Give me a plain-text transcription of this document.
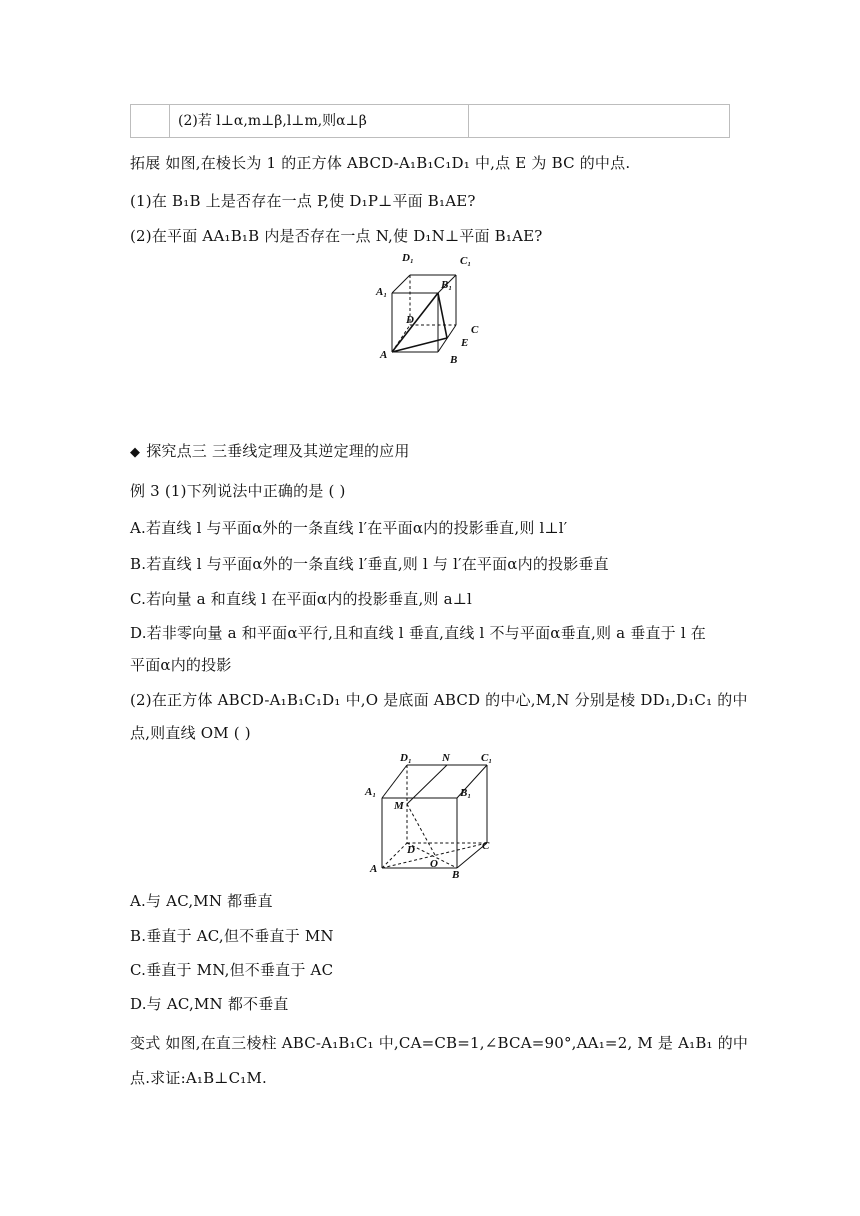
(2)若 l⊥α,m⊥β,l⊥m,则α⊥β
拓展 如图,在棱长为 1 的正方体 ABCD-A₁B₁C₁D₁ 中,点 E 为 BC 的中点.
(1)在 B₁B 上是否存在一点 P,使 D₁P⊥平面 B₁AE?
(2)在平面 AA₁B₁B 内是否存在一点 N,使 D₁N⊥平面 B₁AE?
D₁	C₁
A₁
B₁
D
C
E
A	B
◆ 探究点三 三垂线定理及其逆定理的应用
例 3 (1)下列说法中正确的是 ( )
A.若直线 l 与平面α外的一条直线 l′在平面α内的投影垂直,则 l⊥l′
B.若直线 l 与平面α外的一条直线 l′垂直,则 l 与 l′在平面α内的投影垂直
C.若向量 a 和直线 l 在平面α内的投影垂直,则 a⊥l
D.若非零向量 a 和平面α平行,且和直线 l 垂直,直线 l 不与平面α垂直,则 a 垂直于 l 在
平面α内的投影
(2)在正方体 ABCD-A₁B₁C₁D₁ 中,O 是底面 ABCD 的中心,M,N 分别是棱 DD₁,D₁C₁ 的中
点,则直线 OM ( )
D₁	N	C₁
A₁	B₁
M
D	C
O
A	B
A.与 AC,MN 都垂直
B.垂直于 AC,但不垂直于 MN
C.垂直于 MN,但不垂直于 AC
D.与 AC,MN 都不垂直
变式 如图,在直三棱柱 ABC-A₁B₁C₁ 中,CA=CB=1,∠BCA=90°,AA₁=2, M 是 A₁B₁ 的中
点.求证:A₁B⊥C₁M.
